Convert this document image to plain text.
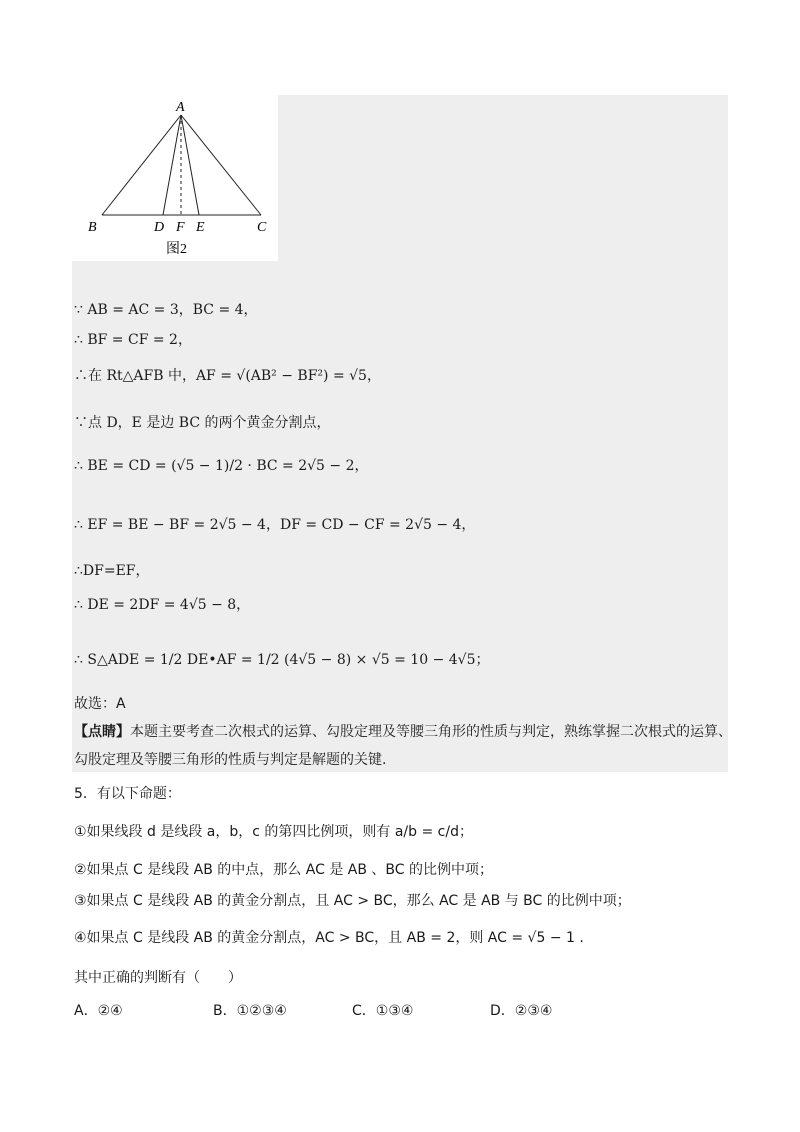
A
B	C
D F E
图2
∵ AB = AC = 3，BC = 4，
∴ BF = CF = 2，
∴在 Rt△AFB 中，AF = √(AB² − BF²) = √5，
∵点 D，E 是边 BC 的两个黄金分割点，
∴ BE = CD = (√5 − 1)/2 · BC = 2√5 − 2，
∴ EF = BE − BF = 2√5 − 4，DF = CD − CF = 2√5 − 4，
∴DF=EF，
∴ DE = 2DF = 4√5 − 8，
∴ S△ADE = 1/2 DE•AF = 1/2 (4√5 − 8) × √5 = 10 − 4√5；
故选：A
【点睛】本题主要考查二次根式的运算、勾股定理及等腰三角形的性质与判定，熟练掌握二次根式的运算、
勾股定理及等腰三角形的性质与判定是解题的关键.
5．有以下命题：
①如果线段 d 是线段 a，b，c 的第四比例项，则有 a/b = c/d；
②如果点 C 是线段 AB 的中点，那么 AC 是 AB 、BC 的比例中项；
③如果点 C 是线段 AB 的黄金分割点，且 AC > BC，那么 AC 是 AB 与 BC 的比例中项；
④如果点 C 是线段 AB 的黄金分割点，AC > BC，且 AB = 2，则 AC = √5 − 1 .
其中正确的判断有（　　）
A．②④	B．①②③④	C．①③④	D．②③④
